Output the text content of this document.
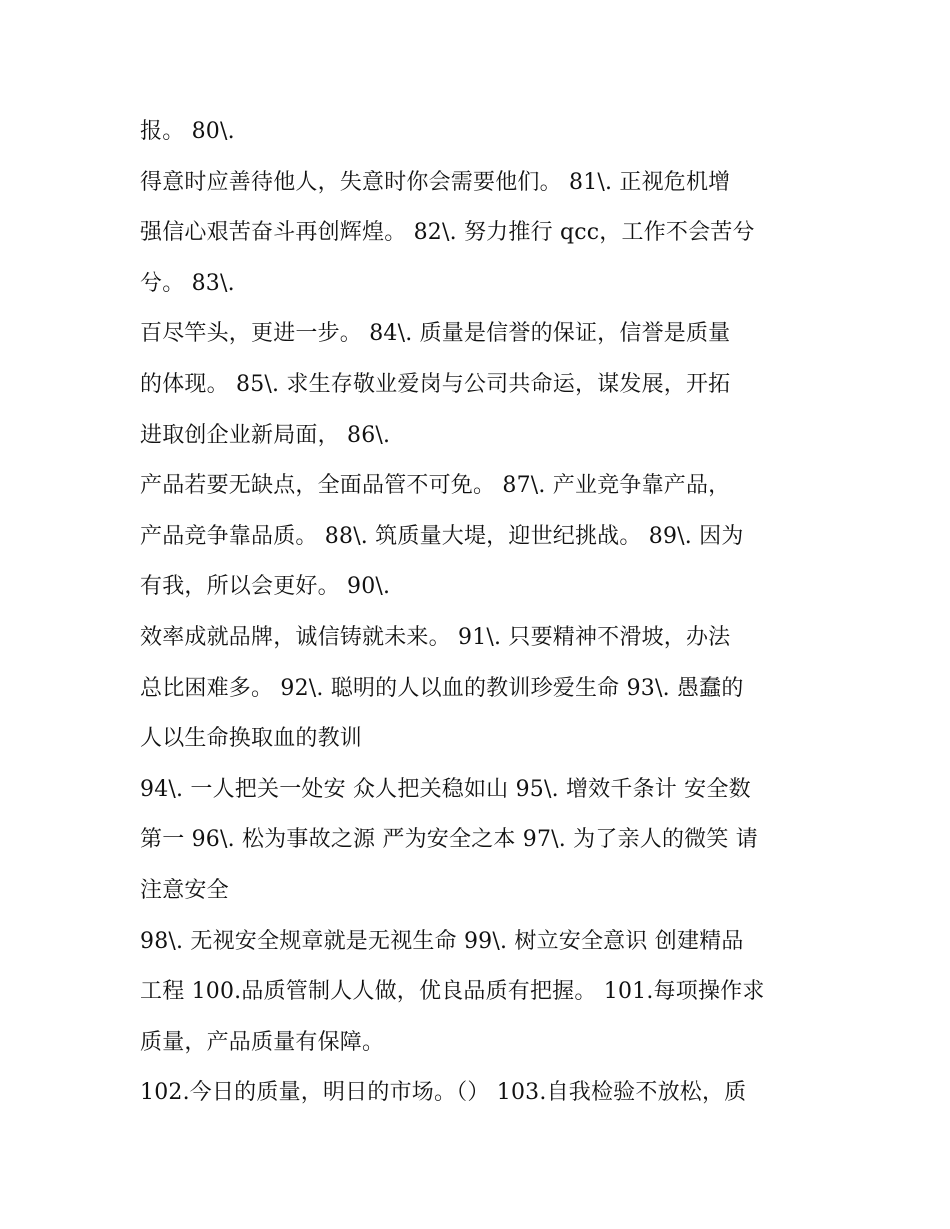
报。 80\.
得意时应善待他人，失意时你会需要他们。 81\. 正视危机增
强信心艰苦奋斗再创辉煌。 82\. 努力推行 qcc，工作不会苦兮
兮。 83\.
百尽竿头，更进一步。 84\. 质量是信誉的保证，信誉是质量
的体现。 85\. 求生存敬业爱岗与公司共命运，谋发展，开拓
进取创企业新局面， 86\.
产品若要无缺点，全面品管不可免。 87\. 产业竞争靠产品，
产品竞争靠品质。 88\. 筑质量大堤，迎世纪挑战。 89\. 因为
有我，所以会更好。 90\.
效率成就品牌，诚信铸就未来。 91\. 只要精神不滑坡，办法
总比困难多。 92\. 聪明的人以血的教训珍爱生命 93\. 愚蠢的
人以生命换取血的教训
94\. 一人把关一处安 众人把关稳如山 95\. 增效千条计 安全数
第一 96\. 松为事故之源 严为安全之本 97\. 为了亲人的微笑 请
注意安全
98\. 无视安全规章就是无视生命 99\. 树立安全意识 创建精品
工程 100.品质管制人人做，优良品质有把握。 101.每项操作求
质量，产品质量有保障。
102.今日的质量，明日的市场。（） 103.自我检验不放松，质
